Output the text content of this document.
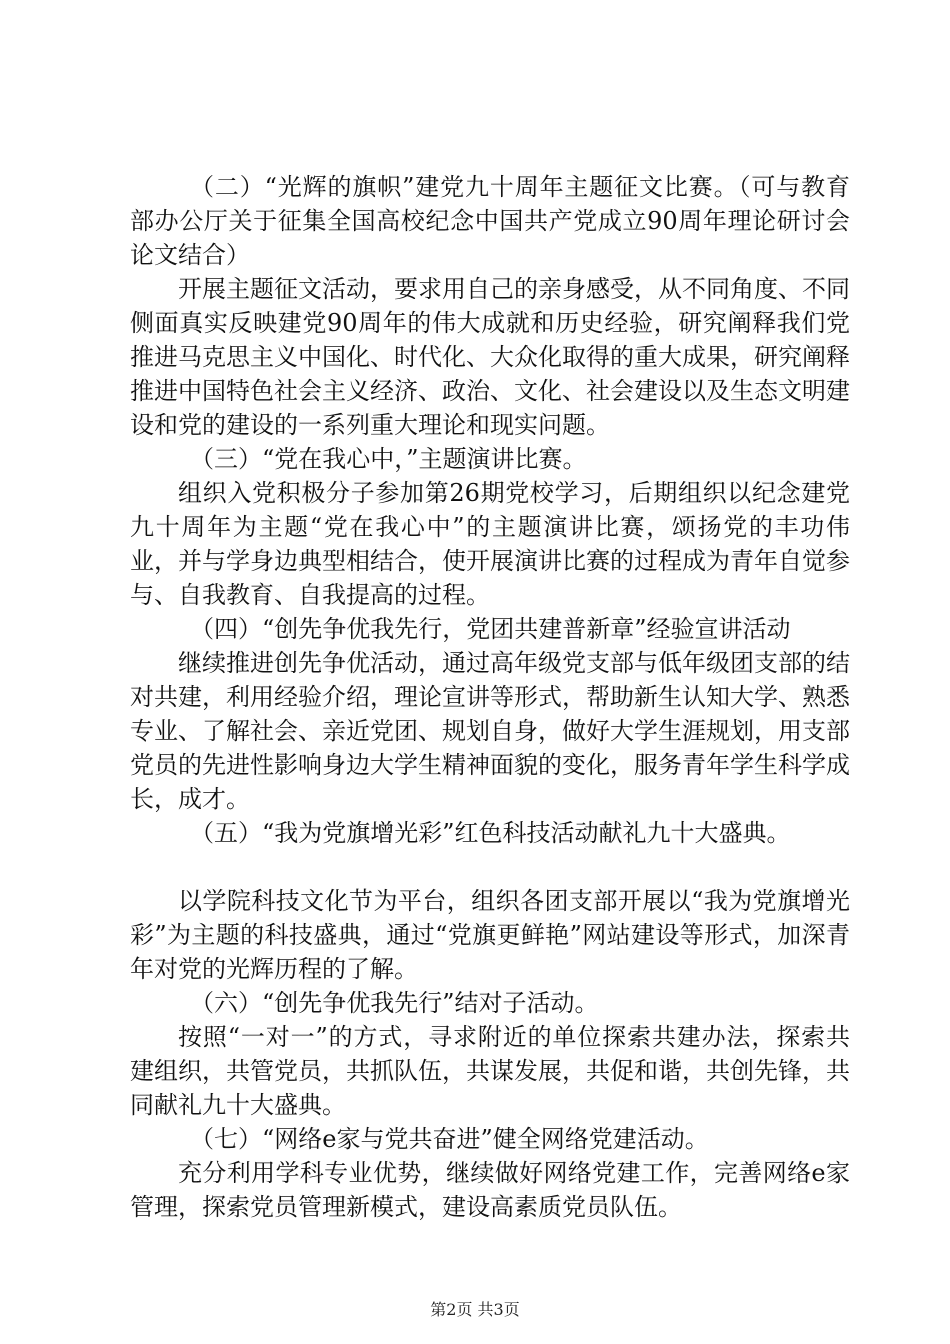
（二）“光辉的旗帜”建党九十周年主题征文比赛。（可与教育部办公厅关于征集全国高校纪念中国共产党成立90周年理论研讨会论文结合）

开展主题征文活动，要求用自己的亲身感受，从不同角度、不同侧面真实反映建党90周年的伟大成就和历史经验，研究阐释我们党推进马克思主义中国化、时代化、大众化取得的重大成果，研究阐释推进中国特色社会主义经济、政治、文化、社会建设以及生态文明建设和党的建设的一系列重大理论和现实问题。

（三）“党在我心中，”主题演讲比赛。

组织入党积极分子参加第26期党校学习，后期组织以纪念建党九十周年为主题“党在我心中”的主题演讲比赛，颂扬党的丰功伟业，并与学身边典型相结合，使开展演讲比赛的过程成为青年自觉参与、自我教育、自我提高的过程。

（四）“创先争优我先行，党团共建普新章”经验宣讲活动

继续推进创先争优活动，通过高年级党支部与低年级团支部的结对共建，利用经验介绍，理论宣讲等形式，帮助新生认知大学、熟悉专业、了解社会、亲近党团、规划自身，做好大学生涯规划，用支部党员的先进性影响身边大学生精神面貌的变化，服务青年学生科学成长，成才。

（五）“我为党旗增光彩”红色科技活动献礼九十大盛典。

以学院科技文化节为平台，组织各团支部开展以“我为党旗增光彩”为主题的科技盛典，通过“党旗更鲜艳”网站建设等形式，加深青年对党的光辉历程的了解。

（六）“创先争优我先行”结对子活动。

按照“一对一”的方式，寻求附近的单位探索共建办法，探索共建组织，共管党员，共抓队伍，共谋发展，共促和谐，共创先锋，共同献礼九十大盛典。

（七）“网络e家与党共奋进”健全网络党建活动。

充分利用学科专业优势，继续做好网络党建工作，完善网络e家管理，探索党员管理新模式，建设高素质党员队伍。

第2页 共3页
